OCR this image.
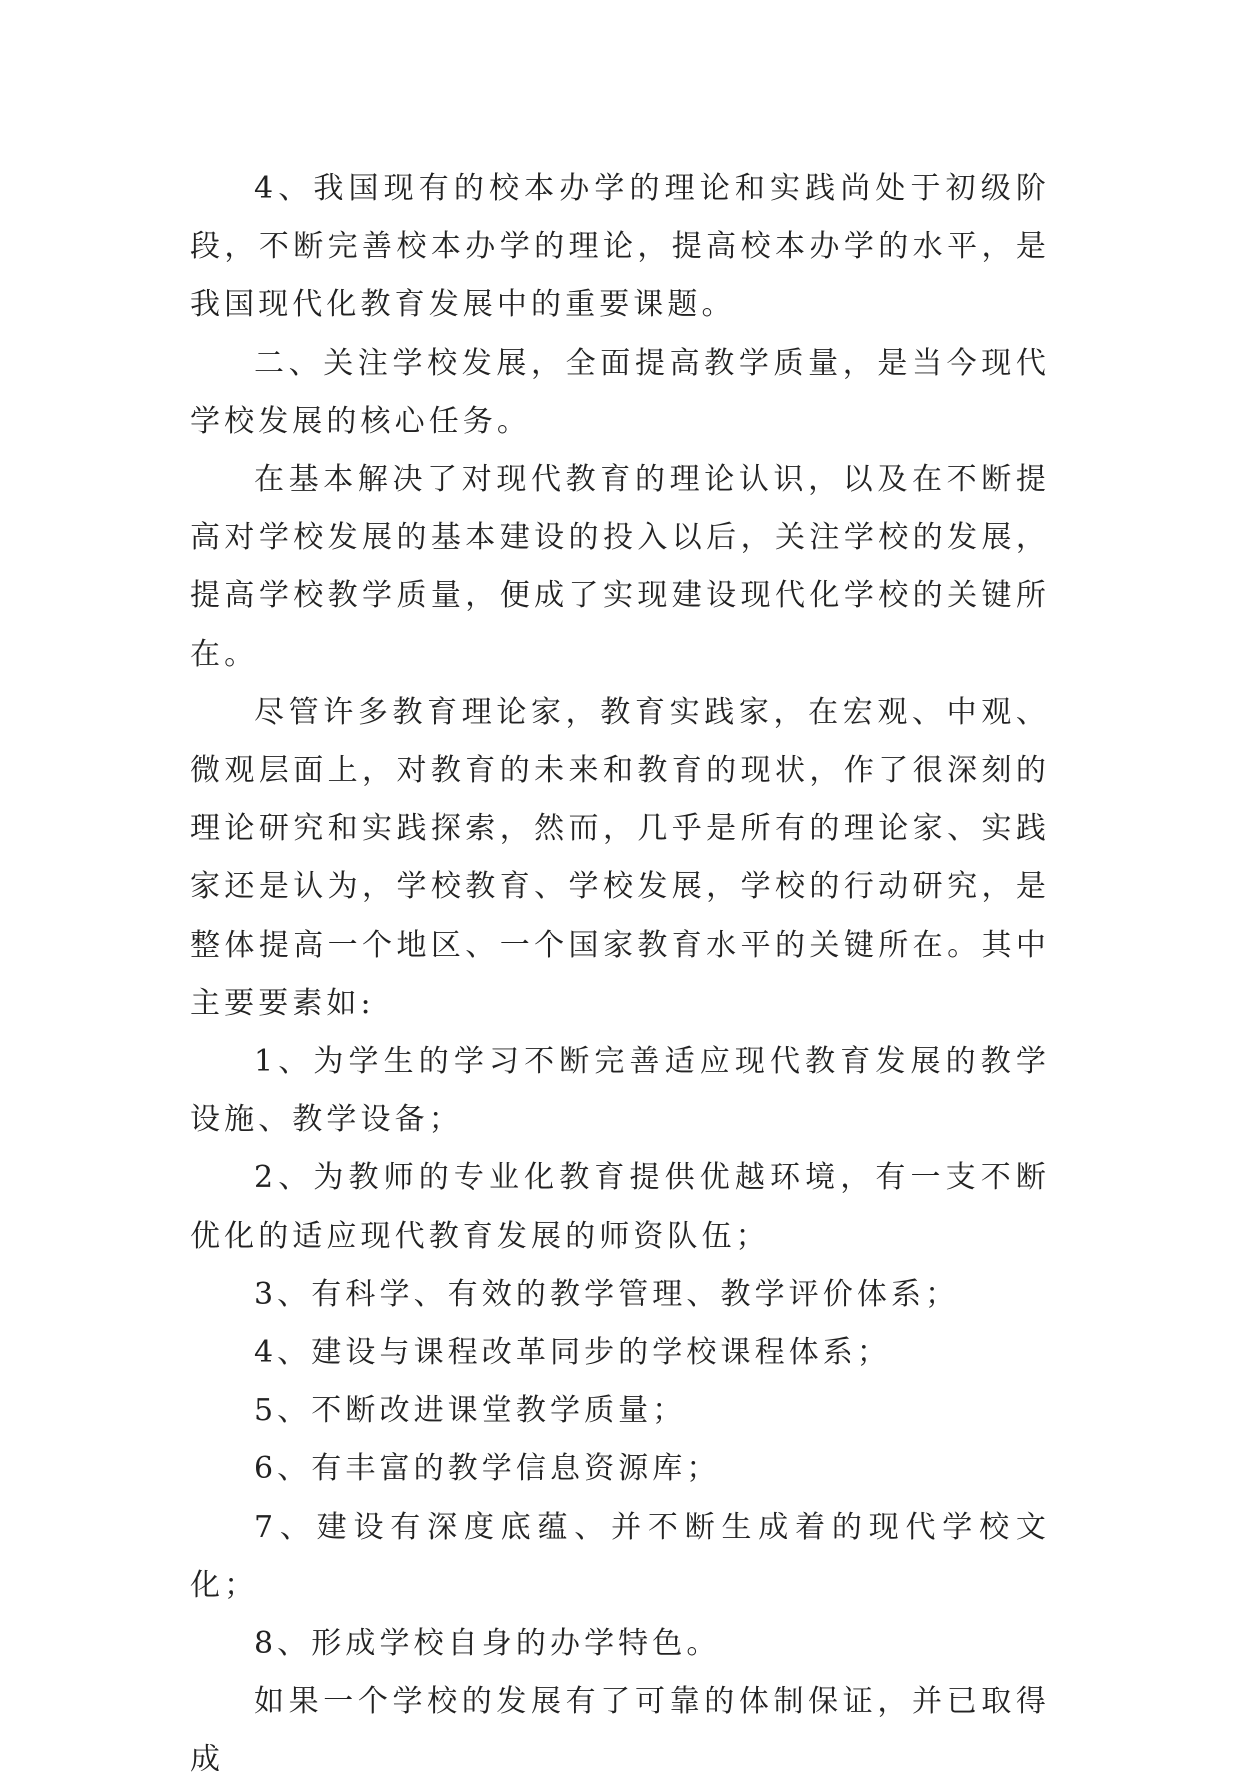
4、我国现有的校本办学的理论和实践尚处于初级阶段，不断完善校本办学的理论，提高校本办学的水平，是我国现代化教育发展中的重要课题。

二、关注学校发展，全面提高教学质量，是当今现代学校发展的核心任务。

在基本解决了对现代教育的理论认识，以及在不断提高对学校发展的基本建设的投入以后，关注学校的发展，提高学校教学质量，便成了实现建设现代化学校的关键所在。

尽管许多教育理论家，教育实践家，在宏观、中观、微观层面上，对教育的未来和教育的现状，作了很深刻的理论研究和实践探索，然而，几乎是所有的理论家、实践家还是认为，学校教育、学校发展，学校的行动研究，是整体提高一个地区、一个国家教育水平的关键所在。其中主要要素如:

1、为学生的学习不断完善适应现代教育发展的教学设施、教学设备；

2、为教师的专业化教育提供优越环境，有一支不断优化的适应现代教育发展的师资队伍；

3、有科学、有效的教学管理、教学评价体系；

4、建设与课程改革同步的学校课程体系；

5、不断改进课堂教学质量；

6、有丰富的教学信息资源库；

7、建设有深度底蕴、并不断生成着的现代学校文化；

8、形成学校自身的办学特色。

如果一个学校的发展有了可靠的体制保证，并已取得成
